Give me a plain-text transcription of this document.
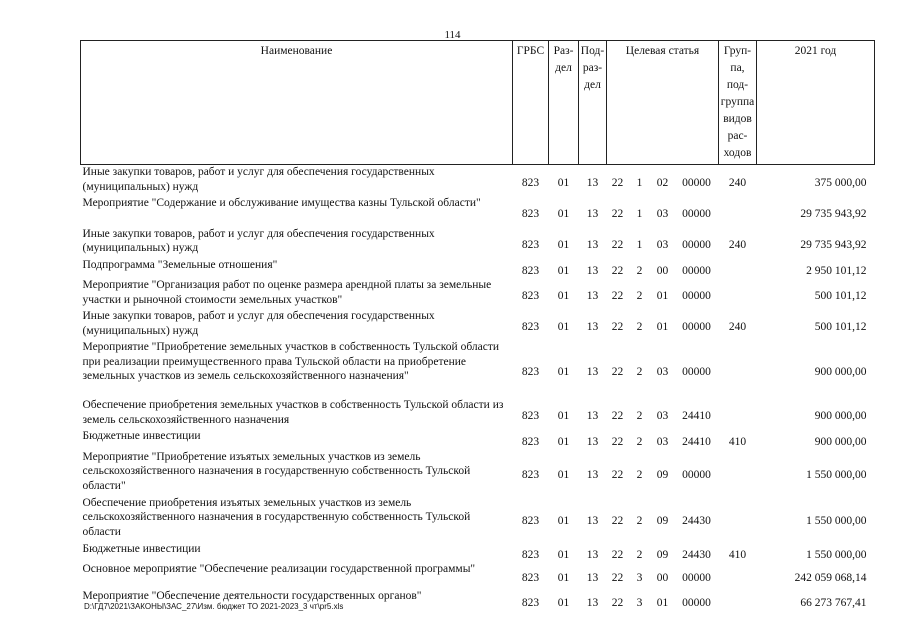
114
Наименование	ГРБС	Раз-дел	Под-раз-дел	Целевая статья				Груп-па, под-группа видов рас-ходов	2021 год
Иные закупки товаров, работ и услуг для обеспечения государственных (муниципальных) нужд	823	01	13	22	1	02	00000	240	375 000,00
Мероприятие "Содержание и обслуживание имущества казны Тульской области"	823	01	13	22	1	03	00000		29 735 943,92
Иные закупки товаров, работ и услуг для обеспечения государственных (муниципальных) нужд	823	01	13	22	1	03	00000	240	29 735 943,92
Подпрограмма "Земельные отношения"	823	01	13	22	2	00	00000		2 950 101,12
Мероприятие "Организация работ по оценке размера арендной платы за земельные участки и рыночной стоимости земельных участков"	823	01	13	22	2	01	00000		500 101,12
Иные закупки товаров, работ и услуг для обеспечения государственных (муниципальных) нужд	823	01	13	22	2	01	00000	240	500 101,12
Мероприятие "Приобретение земельных участков в собственность Тульской области при реализации преимущественного права Тульской области на приобретение земельных участков из земель сельскохозяйственного назначения"	823	01	13	22	2	03	00000		900 000,00
Обеспечение приобретения земельных участков в собственность Тульской области из земель сельскохозяйственного назначения	823	01	13	22	2	03	24410		900 000,00
Бюджетные инвестиции	823	01	13	22	2	03	24410	410	900 000,00
Мероприятие "Приобретение изъятых земельных участков из земель сельскохозяйственного назначения в государственную собственность Тульской области"	823	01	13	22	2	09	00000		1 550 000,00
Обеспечение приобретения изъятых земельных участков из земель сельскохозяйственного назначения в государственную собственность Тульской области	823	01	13	22	2	09	24430		1 550 000,00
Бюджетные инвестиции	823	01	13	22	2	09	24430	410	1 550 000,00
Основное мероприятие "Обеспечение реализации государственной программы"	823	01	13	22	3	00	00000		242 059 068,14
Мероприятие "Обеспечение деятельности государственных органов"	823	01	13	22	3	01	00000		66 273 767,41
D:\ГД7\2021\ЗАКОНЫ\ЗАС_27\Изм. бюджет ТО 2021-2023_3 чт\pr5.xls
